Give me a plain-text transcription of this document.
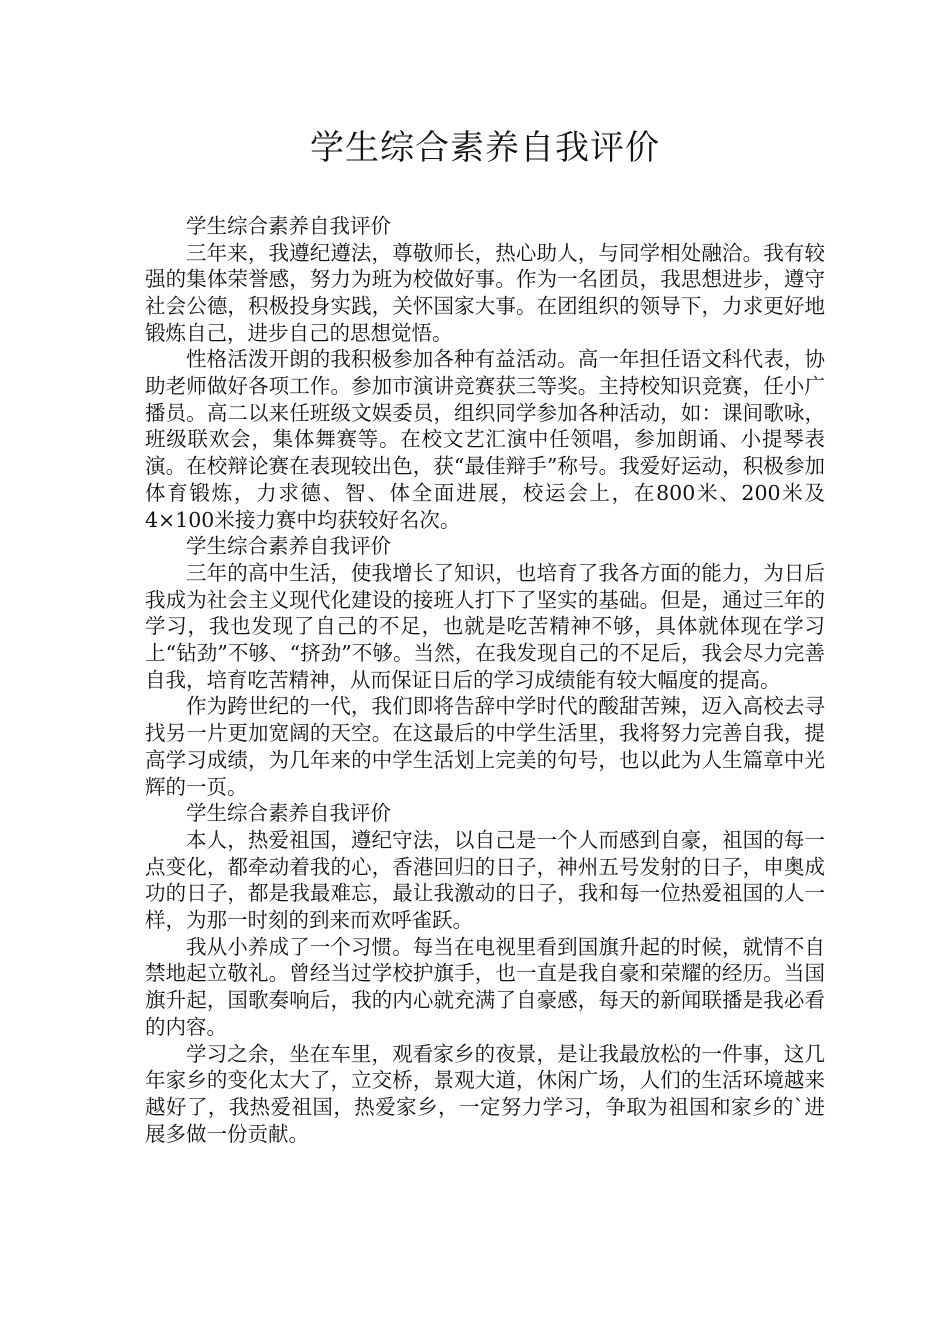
学生综合素养自我评价

学生综合素养自我评价

三年来，我遵纪遵法，尊敬师长，热心助人，与同学相处融洽。我有较强的集体荣誉感，努力为班为校做好事。作为一名团员，我思想进步，遵守社会公德，积极投身实践，关怀国家大事。在团组织的领导下，力求更好地锻炼自己，进步自己的思想觉悟。

性格活泼开朗的我积极参加各种有益活动。高一年担任语文科代表，协助老师做好各项工作。参加市演讲竞赛获三等奖。主持校知识竞赛，任小广播员。高二以来任班级文娱委员，组织同学参加各种活动，如：课间歌咏，班级联欢会，集体舞赛等。在校文艺汇演中任领唱，参加朗诵、小提琴表演。在校辩论赛在表现较出色，获“最佳辩手”称号。我爱好运动，积极参加体育锻炼，力求德、智、体全面进展，校运会上，在800米、200米及4×100米接力赛中均获较好名次。

学生综合素养自我评价

三年的高中生活，使我增长了知识，也培育了我各方面的能力，为日后我成为社会主义现代化建设的接班人打下了坚实的基础。但是，通过三年的学习，我也发现了自己的不足，也就是吃苦精神不够，具体就体现在学习上“钻劲”不够、“挤劲”不够。当然，在我发现自己的不足后，我会尽力完善自我，培育吃苦精神，从而保证日后的学习成绩能有较大幅度的提高。

作为跨世纪的一代，我们即将告辞中学时代的酸甜苦辣，迈入高校去寻找另一片更加宽阔的天空。在这最后的中学生活里，我将努力完善自我，提高学习成绩，为几年来的中学生活划上完美的句号，也以此为人生篇章中光辉的一页。

学生综合素养自我评价

本人，热爱祖国，遵纪守法，以自己是一个人而感到自豪，祖国的每一点变化，都牵动着我的心，香港回归的日子，神州五号发射的日子，申奥成功的日子，都是我最难忘，最让我激动的日子，我和每一位热爱祖国的人一样，为那一时刻的到来而欢呼雀跃。

我从小养成了一个习惯。每当在电视里看到国旗升起的时候，就情不自禁地起立敬礼。曾经当过学校护旗手，也一直是我自豪和荣耀的经历。当国旗升起，国歌奏响后，我的内心就充满了自豪感，每天的新闻联播是我必看的内容。

学习之余，坐在车里，观看家乡的夜景，是让我最放松的一件事，这几年家乡的变化太大了，立交桥，景观大道，休闲广场，人们的生活环境越来越好了，我热爱祖国，热爱家乡，一定努力学习，争取为祖国和家乡的`进展多做一份贡献。
